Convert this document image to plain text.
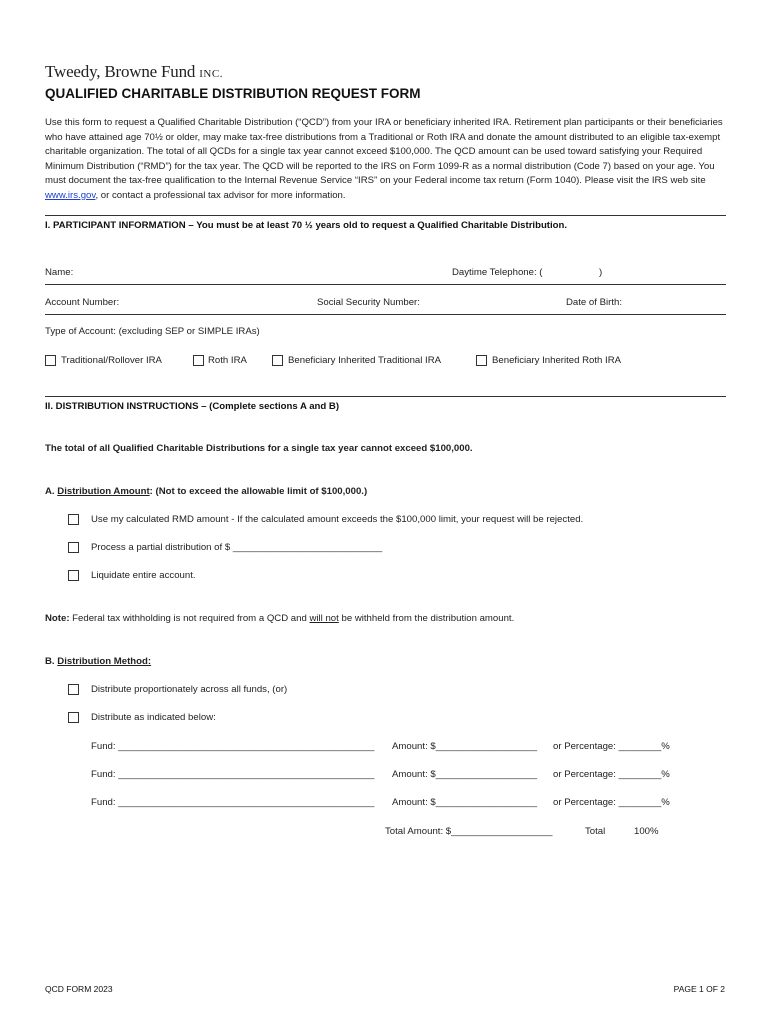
Tweedy, Browne Fund INC.
QUALIFIED CHARITABLE DISTRIBUTION REQUEST FORM
Use this form to request a Qualified Charitable Distribution (“QCD”) from your IRA or beneficiary inherited IRA. Retirement plan participants or their beneficiaries who have attained age 70½ or older, may make tax-free distributions from a Traditional or Roth IRA and donate the amount distributed to an eligible tax-exempt charitable organization. The total of all QCDs for a single tax year cannot exceed $100,000. The QCD amount can be used toward satisfying your Required Minimum Distribution (“RMD”) for the tax year. The QCD will be reported to the IRS on Form 1099-R as a normal distribution (Code 7) based on your age. You must document the tax-free qualification to the Internal Revenue Service “IRS” on your Federal income tax return (Form 1040). Please visit the IRS web site www.irs.gov, or contact a professional tax advisor for more information.
I. PARTICIPANT INFORMATION – You must be at least 70 ½ years old to request a Qualified Charitable Distribution.
Name:	Daytime Telephone: (	)
Account Number:	Social Security Number:	Date of Birth:
Type of Account: (excluding SEP or SIMPLE IRAs)
Traditional/Rollover IRA	Roth IRA	Beneficiary Inherited Traditional IRA	Beneficiary Inherited Roth IRA
II. DISTRIBUTION INSTRUCTIONS – (Complete sections A and B)
The total of all Qualified Charitable Distributions for a single tax year cannot exceed $100,000.
A. Distribution Amount: (Not to exceed the allowable limit of $100,000.)
Use my calculated RMD amount - If the calculated amount exceeds the $100,000 limit, your request will be rejected.
Process a partial distribution of $ ____________________________
Liquidate entire account.
Note: Federal tax withholding is not required from a QCD and will not be withheld from the distribution amount.
B. Distribution Method:
Distribute proportionately across all funds, (or)
Distribute as indicated below:
Fund: ________________________________________________ Amount: $___________________ or Percentage: ________%
Fund: ________________________________________________ Amount: $___________________ or Percentage: ________%
Fund: ________________________________________________ Amount: $___________________ or Percentage: ________%
Total Amount: $___________________	Total	100%
QCD FORM 2023	PAGE 1 OF 2
